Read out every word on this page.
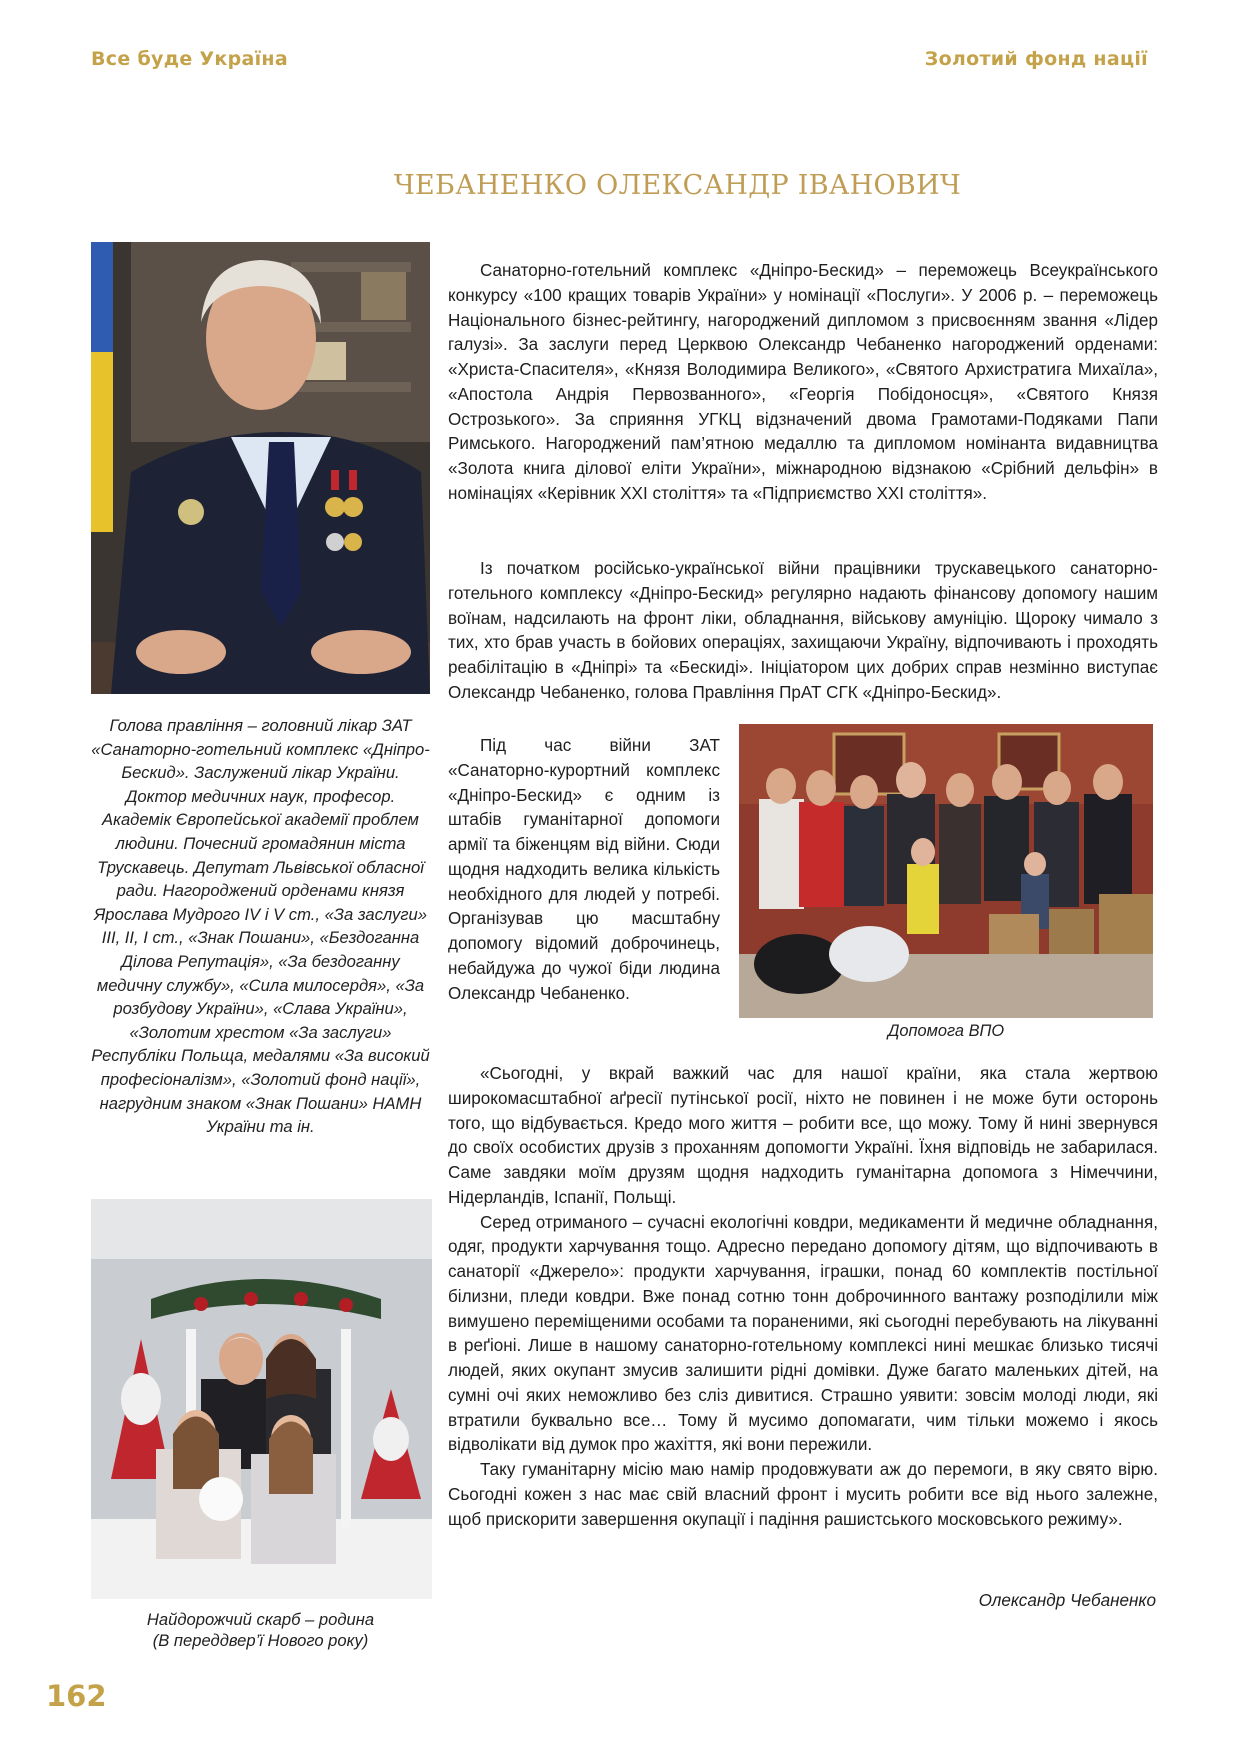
Все буде Україна	Золотий фонд нації
ЧЕБАНЕНКО ОЛЕКСАНДР ІВАНОВИЧ
Голова правління – головний лікар ЗАТ «Санаторно-готельний комплекс «Дніпро-Бескид». Заслужений лікар України. Доктор медичних наук, професор. Академік Європейської академії проблем людини. Почесний громадянин міста Трускавець. Депутат Львівської обласної ради. Нагороджений орденами князя Ярослава Мудрого IV і V ст., «За заслуги» III, II, I ст., «Знак Пошани», «Бездоганна Ділова Репутація», «За бездоганну медичну службу», «Сила милосердя», «За розбудову України», «Слава України», «Золотим хрестом «За заслуги» Республіки Польща, медалями «За високий професіоналізм», «Золотий фонд нації», нагрудним знаком «Знак Пошани» НАМН України та ін.
Найдорожчий скарб – родина
(В переддвер’ї Нового року)
Допомога ВПО

Санаторно-готельний комплекс «Дніпро-Бескид» – переможець Всеукраїнського конкурсу «100 кращих товарів України» у номінації «Послуги». У 2006 р. – переможець Національного бізнес-рейтингу, нагороджений дипломом з присвоєнням звання «Лідер галузі». За заслуги перед Церквою Олександр Чебаненко нагороджений орденами: «Христа-Спасителя», «Князя Володимира Великого», «Святого Архистратига Михаїла», «Апостола Андрія Первозванного», «Георгія Побідоносця», «Святого Князя Острозького». За сприяння УГКЦ відзначений двома Грамотами-Подяками Папи Римського. Нагороджений пам’ятною медаллю та дипломом номінанта видавництва «Золота книга ділової еліти України», міжнародною відзнакою «Срібний дельфін» в номінаціях «Керівник ХХІ століття» та «Підприємство ХХІ століття».

Із початком російсько-української війни працівники трускавецького санаторно-готельного комплексу «Дніпро-Бескид» регулярно надають фінансову допомогу нашим воїнам, надсилають на фронт ліки, обладнання, військову амуніцію. Щороку чимало з тих, хто брав участь в бойових операціях, захищаючи Україну, відпочивають і проходять реабілітацію в «Дніпрі» та «Бескиді». Ініціатором цих добрих справ незмінно виступає Олександр Чебаненко, голова Правління ПрАТ СГК «Дніпро-Бескид».

Під час війни ЗАТ «Санаторно-курортний комплекс «Дніпро-Бескид» є одним із штабів гуманітарної допомоги армії та біженцям від війни. Сюди щодня надходить велика кількість необхідного для людей у потребі. Організував цю масштабну допомогу відомий доброчинець, небайдужа до чужої біди людина Олександр Чебаненко.

«Сьогодні, у вкрай важкий час для нашої країни, яка стала жертвою широкомасштабної аґресії путінської росії, ніхто не повинен і не може бути осторонь того, що відбувається. Кредо мого життя – робити все, що можу. Тому й нині звернувся до своїх особистих друзів з проханням допомогти Україні. Їхня відповідь не забарилася. Саме завдяки моїм друзям щодня надходить гуманітарна допомога з Німеччини, Нідерландів, Іспанії, Польщі.

Серед отриманого – сучасні екологічні ковдри, медикаменти й медичне обладнання, одяг, продукти харчування тощо. Адресно передано допомогу дітям, що відпочивають в санаторії «Джерело»: продукти харчування, іграшки, понад 60 комплектів постільної білизни, пледи ковдри. Вже понад сотню тонн доброчинного вантажу розподілили між вимушено переміщеними особами та пораненими, які сьогодні перебувають на лікуванні в реґіоні. Лише в нашому санаторно-готельному комплексі нині мешкає близько тисячі людей, яких окупант змусив залишити рідні домівки. Дуже багато маленьких дітей, на сумні очі яких неможливо без сліз дивитися. Страшно уявити: зовсім молоді люди, які втратили буквально все… Тому й мусимо допомагати, чим тільки можемо і якось відволікати від думок про жахіття, які вони пережили.

Таку гуманітарну місію маю намір продовжувати аж до перемоги, в яку свято вірю. Сьогодні кожен з нас має свій власний фронт і мусить робити все від нього залежне, щоб прискорити завершення окупації і падіння рашистського московського режиму».

Олександр Чебаненко
162
